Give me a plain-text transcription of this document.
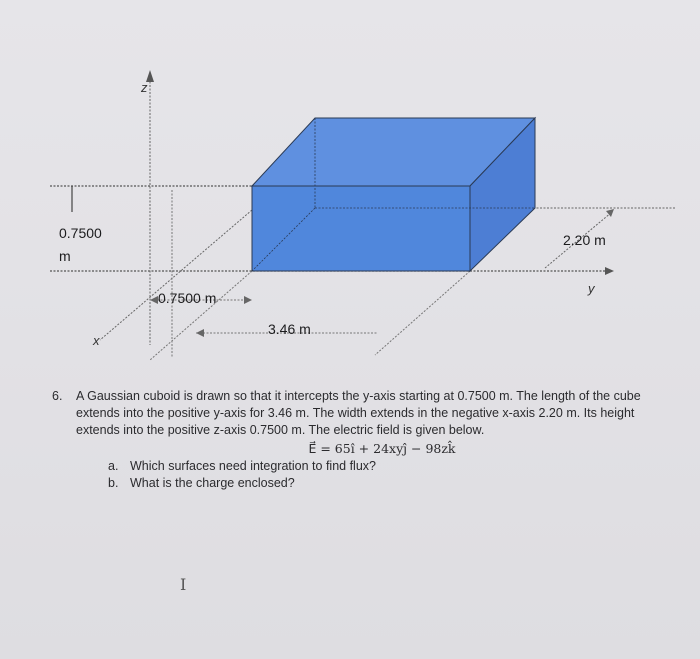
z
y
x
0.7500
m
2.20 m
0.7500 m
3.46 m
6.	A Gaussian cuboid is drawn so that it intercepts the y-axis starting at 0.7500 m. The length of the cube extends into the positive y-axis for 3.46 m. The width extends in the negative x-axis 2.20 m. Its height extends into the positive z-axis 0.7500 m. The electric field is given below.
E⃗ = 65î + 24xyĵ − 98zk̂
a. Which surfaces need integration to find flux?
b. What is the charge enclosed?
I
